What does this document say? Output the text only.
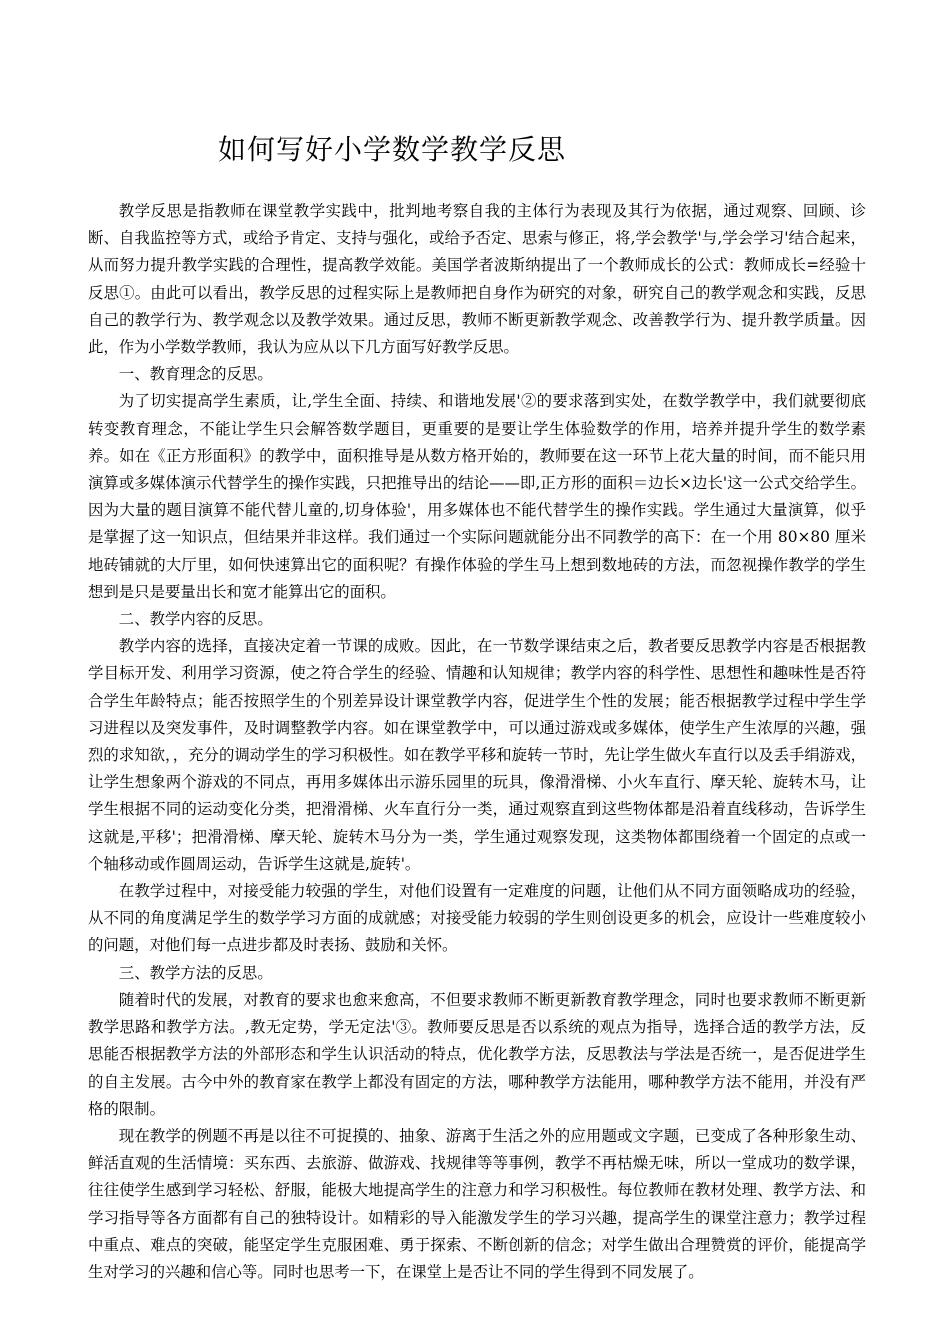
如何写好小学数学教学反思

教学反思是指教师在课堂教学实践中，批判地考察自我的主体行为表现及其行为依据，通过观察、回顾、诊断、自我监控等方式，或给予肯定、支持与强化，或给予否定、思索与修正，将‚学会教学'与‚学会学习'结合起来，从而努力提升教学实践的合理性，提高教学效能。美国学者波斯纳提出了一个教师成长的公式：教师成长=经验十反思①。由此可以看出，教学反思的过程实际上是教师把自身作为研究的对象，研究自己的教学观念和实践，反思自己的教学行为、教学观念以及教学效果。通过反思，教师不断更新教学观念、改善教学行为、提升教学质量。因此，作为小学数学教师，我认为应从以下几方面写好教学反思。

一、教育理念的反思。

为了切实提高学生素质，让‚学生全面、持续、和谐地发展'②的要求落到实处，在数学教学中，我们就要彻底转变教育理念，不能让学生只会解答数学题目，更重要的是要让学生体验数学的作用，培养并提升学生的数学素养。如在《正方形面积》的教学中，面积推导是从数方格开始的，教师要在这一环节上花大量的时间，而不能只用演算或多媒体演示代替学生的操作实践，只把推导出的结论——即‚正方形的面积＝边长×边长'这一公式交给学生。因为大量的题目演算不能代替儿童的‚切身体验'，用多媒体也不能代替学生的操作实践。学生通过大量演算，似乎是掌握了这一知识点，但结果并非这样。我们通过一个实际问题就能分出不同教学的高下：在一个用 80×80 厘米地砖铺就的大厅里，如何快速算出它的面积呢？有操作体验的学生马上想到数地砖的方法，而忽视操作教学的学生想到是只是要量出长和宽才能算出它的面积。

二、教学内容的反思。

教学内容的选择，直接决定着一节课的成败。因此，在一节数学课结束之后，教者要反思教学内容是否根据教学目标开发、利用学习资源，使之符合学生的经验、情趣和认知规律；教学内容的科学性、思想性和趣味性是否符合学生年龄特点；能否按照学生的个别差异设计课堂教学内容，促进学生个性的发展；能否根据教学过程中学生学习进程以及突发事件，及时调整教学内容。如在课堂教学中，可以通过游戏或多媒体，使学生产生浓厚的兴趣，强烈的求知欲，，充分的调动学生的学习积极性。如在教学平移和旋转一节时，先让学生做火车直行以及丢手绢游戏，让学生想象两个游戏的不同点，再用多媒体出示游乐园里的玩具，像滑滑梯、小火车直行、摩天轮、旋转木马，让学生根据不同的运动变化分类，把滑滑梯、火车直行分一类，通过观察直到这些物体都是沿着直线移动，告诉学生这就是‚平移'；把滑滑梯、摩天轮、旋转木马分为一类，学生通过观察发现，这类物体都围绕着一个固定的点或一个轴移动或作圆周运动，告诉学生这就是‚旋转'。

在教学过程中，对接受能力较强的学生，对他们设置有一定难度的问题，让他们从不同方面领略成功的经验，从不同的角度满足学生的数学学习方面的成就感；对接受能力较弱的学生则创设更多的机会，应设计一些难度较小的问题，对他们每一点进步都及时表扬、鼓励和关怀。

三、教学方法的反思。

随着时代的发展，对教育的要求也愈来愈高，不但要求教师不断更新教育教学理念，同时也要求教师不断更新教学思路和教学方法。‚教无定势，学无定法'③。教师要反思是否以系统的观点为指导，选择合适的教学方法，反思能否根据教学方法的外部形态和学生认识活动的特点，优化教学方法，反思教法与学法是否统一，是否促进学生的自主发展。古今中外的教育家在教学上都没有固定的方法，哪种教学方法能用，哪种教学方法不能用，并没有严格的限制。

现在教学的例题不再是以往不可捉摸的、抽象、游离于生活之外的应用题或文字题，已变成了各种形象生动、鲜活直观的生活情境：买东西、去旅游、做游戏、找规律等等事例，教学不再枯燥无味，所以一堂成功的数学课，往往使学生感到学习轻松、舒服，能极大地提高学生的注意力和学习积极性。每位教师在教材处理、教学方法、和学习指导等各方面都有自己的独特设计。如精彩的导入能激发学生的学习兴趣，提高学生的课堂注意力；教学过程中重点、难点的突破，能坚定学生克服困难、勇于探索、不断创新的信念；对学生做出合理赞赏的评价，能提高学生对学习的兴趣和信心等。同时也思考一下，在课堂上是否让不同的学生得到不同发展了。
